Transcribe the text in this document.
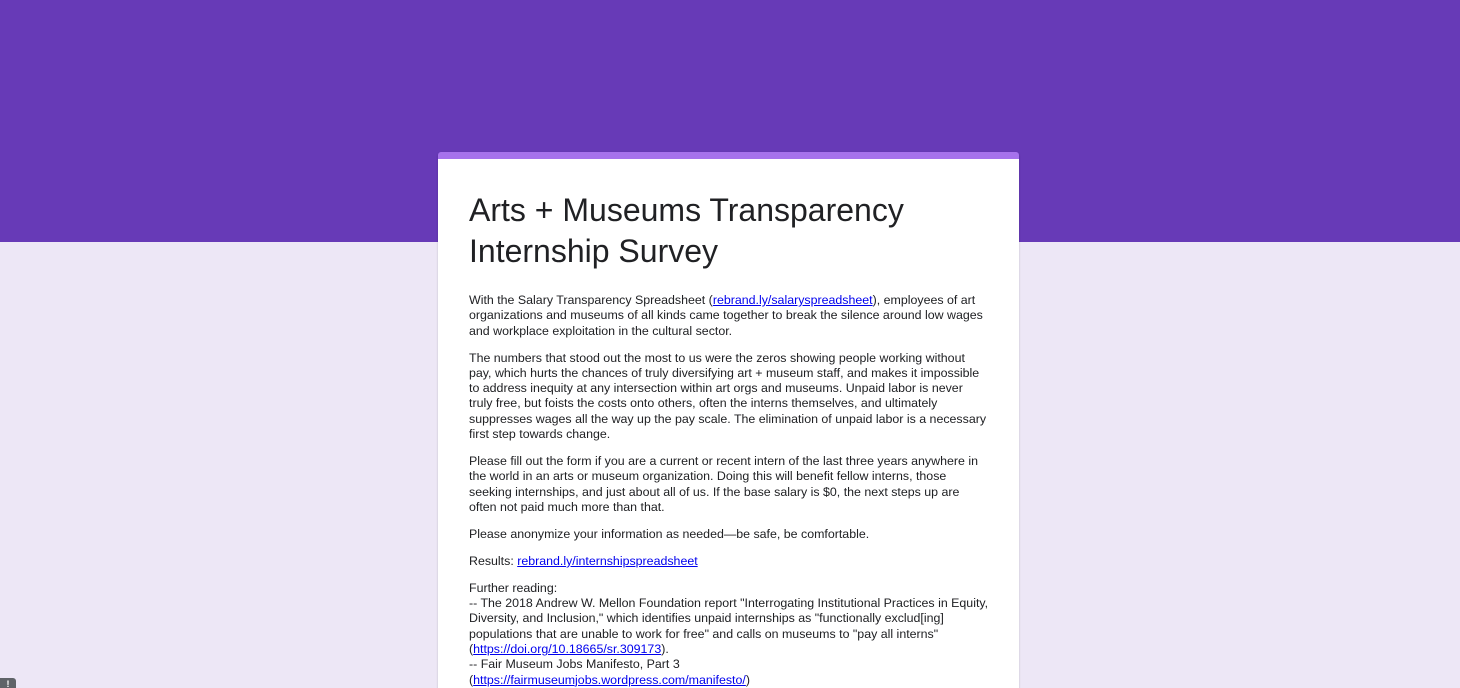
Arts + Museums Transparency
Internship Survey

With the Salary Transparency Spreadsheet (rebrand.ly/salaryspreadsheet), employees of art organizations and museums of all kinds came together to break the silence around low wages and workplace exploitation in the cultural sector.

The numbers that stood out the most to us were the zeros showing people working without pay, which hurts the chances of truly diversifying art + museum staff, and makes it impossible to address inequity at any intersection within art orgs and museums. Unpaid labor is never truly free, but foists the costs onto others, often the interns themselves, and ultimately suppresses wages all the way up the pay scale. The elimination of unpaid labor is a necessary first step towards change.

Please fill out the form if you are a current or recent intern of the last three years anywhere in the world in an arts or museum organization. Doing this will benefit fellow interns, those seeking internships, and just about all of us. If the base salary is $0, the next steps up are often not paid much more than that.

Please anonymize your information as needed—be safe, be comfortable.

Results: rebrand.ly/internshipspreadsheet

Further reading:
-- The 2018 Andrew W. Mellon Foundation report "Interrogating Institutional Practices in Equity, Diversity, and Inclusion," which identifies unpaid internships as "functionally exclud[ing] populations that are unable to work for free" and calls on museums to "pay all interns"
(https://doi.org/10.18665/sr.309173).
-- Fair Museum Jobs Manifesto, Part 3
(https://fairmuseumjobs.wordpress.com/manifesto/)

!
